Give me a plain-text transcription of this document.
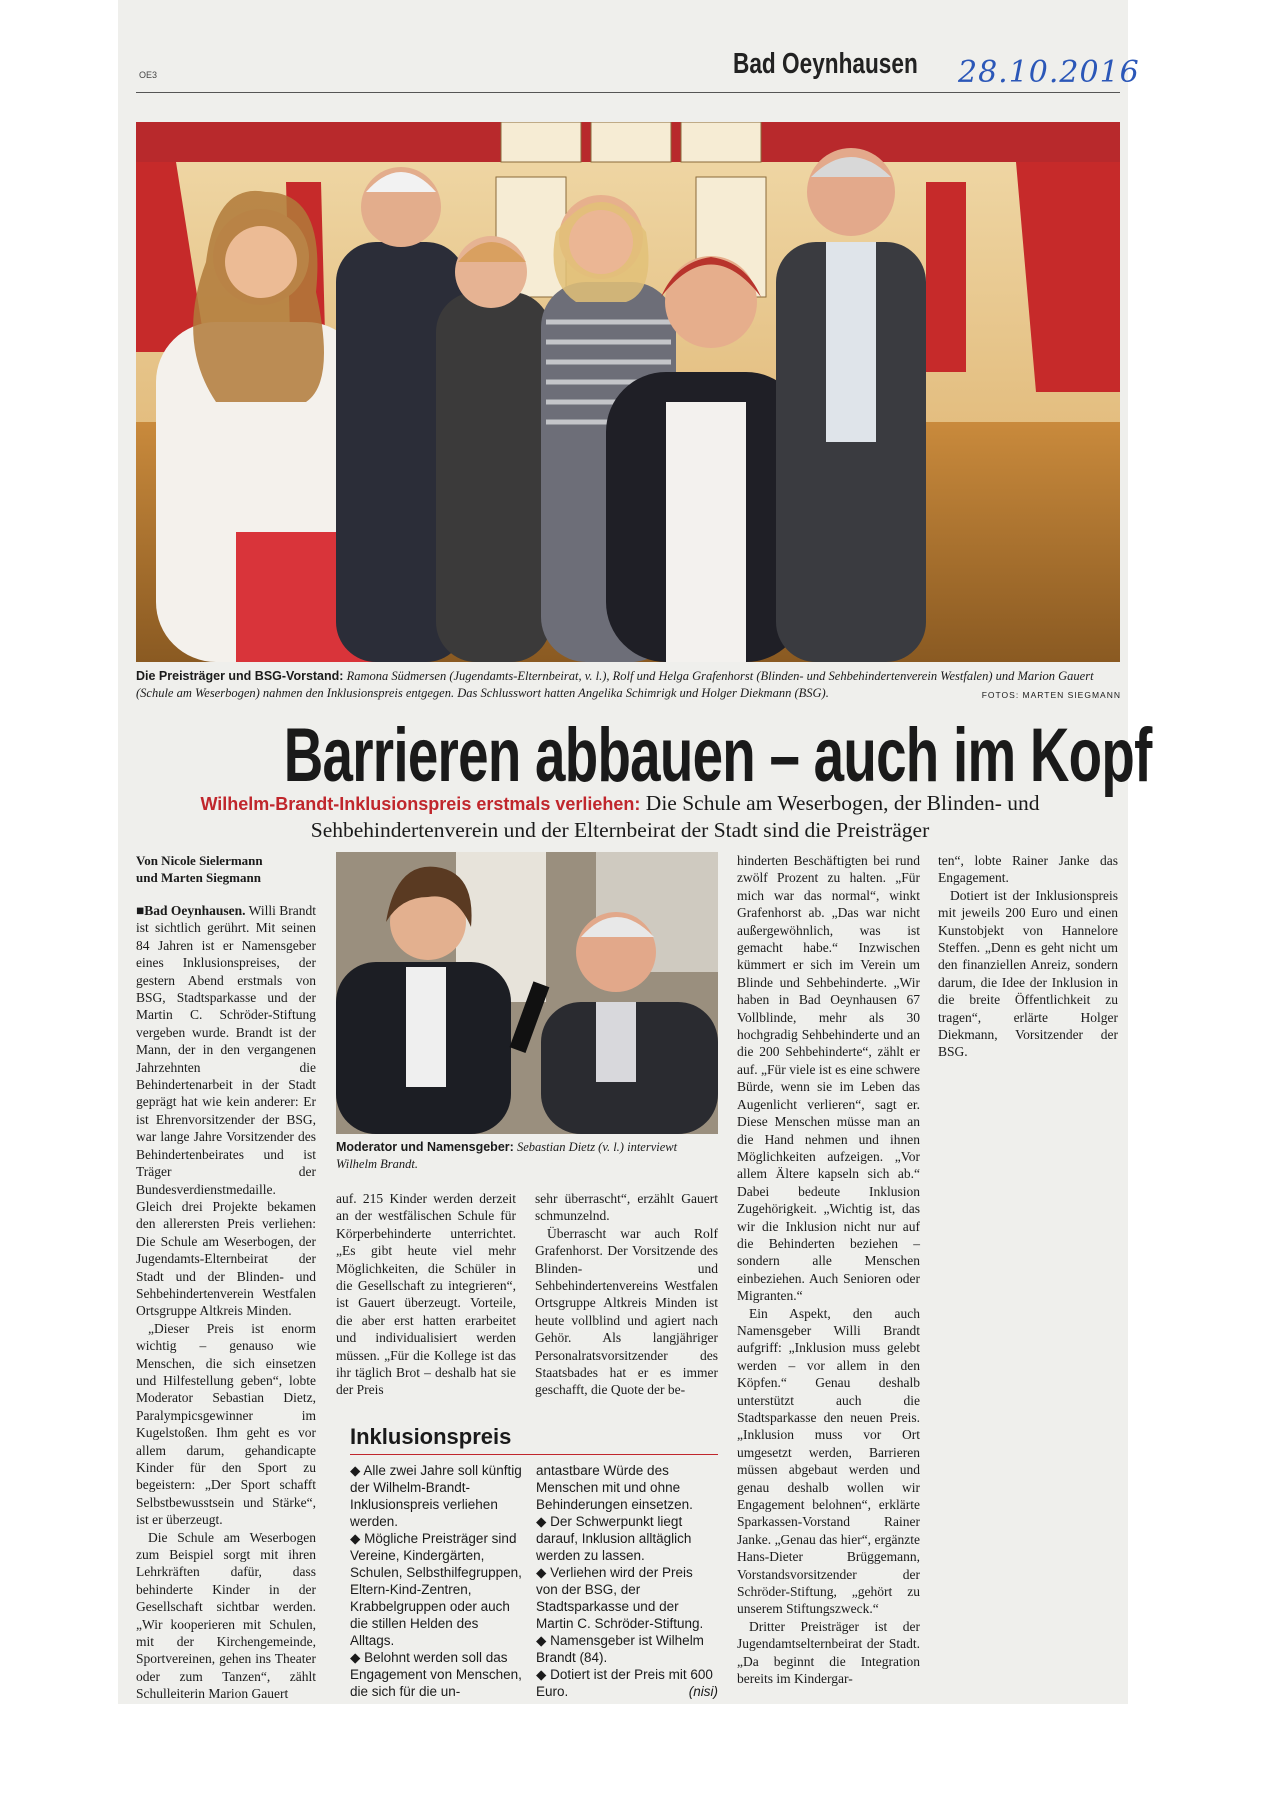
OE3	Bad Oeynhausen 28.10.2016
Die Preisträger und BSG-Vorstand: Ramona Südmersen (Jugendamts-Elternbeirat, v. l.), Rolf und Helga Grafenhorst (Blinden- und Sehbehindertenverein Westfalen) und Marion Gauert (Schule am Weserbogen) nahmen den Inklusionspreis entgegen. Das Schlusswort hatten Angelika Schimrigk und Holger Diekmann (BSG).	FOTOS: MARTEN SIEGMANN
Barrieren abbauen – auch im Kopf
Wilhelm-Brandt-Inklusionspreis erstmals verliehen: Die Schule am Weserbogen, der Blinden- und Sehbehindertenverein und der Elternbeirat der Stadt sind die Preisträger
Von Nicole Sielermann
und Marten Siegmann

■Bad Oeynhausen. Willi Brandt ist sichtlich gerührt. Mit seinen 84 Jahren ist er Namensgeber eines Inklusionspreises, der gestern Abend erstmals von BSG, Stadtsparkasse und der Martin C. Schröder-Stiftung vergeben wurde. Brandt ist der Mann, der in den vergangenen Jahrzehnten die Behindertenarbeit in der Stadt geprägt hat wie kein anderer: Er ist Ehrenvorsitzender der BSG, war lange Jahre Vorsitzender des Behindertenbeirates und ist Träger der Bundesverdienstmedaille.

Gleich drei Projekte bekamen den allerersten Preis verliehen: Die Schule am Weserbogen, der Jugendamts-Elternbeirat der Stadt und der Blinden- und Sehbehindertenverein Westfalen Ortsgruppe Altkreis Minden.

„Dieser Preis ist enorm wichtig – genauso wie Menschen, die sich einsetzen und Hilfestellung geben“, lobte Moderator Sebastian Dietz, Paralympicsgewinner im Kugelstoßen. Ihm geht es vor allem darum, gehandicapte Kinder für den Sport zu begeistern: „Der Sport schafft Selbstbewusstsein und Stärke“, ist er überzeugt.

Die Schule am Weserbogen zum Beispiel sorgt mit ihren Lehrkräften dafür, dass behinderte Kinder in der Gesellschaft sichtbar werden. „Wir kooperieren mit Schulen, mit der Kirchengemeinde, Sportvereinen, gehen ins Theater oder zum Tanzen“, zählt Schulleiterin Marion Gauert

Moderator und Namensgeber: Sebastian Dietz (v. l.) interviewt Wilhelm Brandt.

auf. 215 Kinder werden derzeit an der westfälischen Schule für Körperbehinderte unterrichtet. „Es gibt heute viel mehr Möglichkeiten, die Schüler in die Gesellschaft zu integrieren“, ist Gauert überzeugt. Vorteile, die aber erst hatten erarbeitet und individualisiert werden müssen. „Für die Kollege ist das ihr täglich Brot – deshalb hat sie der Preis

sehr überrascht“, erzählt Gauert schmunzelnd.

Überrascht war auch Rolf Grafenhorst. Der Vorsitzende des Blinden- und Sehbehindertenvereins Westfalen Ortsgruppe Altkreis Minden ist heute vollblind und agiert nach Gehör. Als langjähriger Personalratsvorsitzender des Staatsbades hat er es immer geschafft, die Quote der be-

Inklusionspreis

◆ Alle zwei Jahre soll künftig der Wilhelm-Brandt-Inklusionspreis verliehen werden.

◆ Mögliche Preisträger sind Vereine, Kindergärten, Schulen, Selbsthilfegruppen, Eltern-Kind-Zentren, Krabbelgruppen oder auch die stillen Helden des Alltags.

◆ Belohnt werden soll das Engagement von Menschen, die sich für die un-

antastbare Würde des Menschen mit und ohne Behinderungen einsetzen.

◆ Der Schwerpunkt liegt darauf, Inklusion alltäglich werden zu lassen.

◆ Verliehen wird der Preis von der BSG, der Stadtsparkasse und der Martin C. Schröder-Stiftung.

◆ Namensgeber ist Wilhelm Brandt (84).

◆ Dotiert ist der Preis mit 600 Euro.	(nisi)

hinderten Beschäftigten bei rund zwölf Prozent zu halten. „Für mich war das normal“, winkt Grafenhorst ab. „Das war nicht außergewöhnlich, was ist gemacht habe.“ Inzwischen kümmert er sich im Verein um Blinde und Sehbehinderte. „Wir haben in Bad Oeynhausen 67 Vollblinde, mehr als 30 hochgradig Sehbehinderte und an die 200 Sehbehinderte“, zählt er auf. „Für viele ist es eine schwere Bürde, wenn sie im Leben das Augenlicht verlieren“, sagt er. Diese Menschen müsse man an die Hand nehmen und ihnen Möglichkeiten aufzeigen. „Vor allem Ältere kapseln sich ab.“ Dabei bedeute Inklusion Zugehörigkeit. „Wichtig ist, das wir die Inklusion nicht nur auf die Behinderten beziehen – sondern alle Menschen einbeziehen. Auch Senioren oder Migranten.“

Ein Aspekt, den auch Namensgeber Willi Brandt aufgriff: „Inklusion muss gelebt werden – vor allem in den Köpfen.“ Genau deshalb unterstützt auch die Stadtsparkasse den neuen Preis. „Inklusion muss vor Ort umgesetzt werden, Barrieren müssen abgebaut werden und genau deshalb wollen wir Engagement belohnen“, erklärte Sparkassen-Vorstand Rainer Janke. „Genau das hier“, ergänzte Hans-Dieter Brüggemann, Vorstandsvorsitzender der Schröder-Stiftung, „gehört zu unserem Stiftungszweck.“

Dritter Preisträger ist der Jugendamtselternbeirat der Stadt. „Da beginnt die Integration bereits im Kindergar-

ten“, lobte Rainer Janke das Engagement.

Dotiert ist der Inklusionspreis mit jeweils 200 Euro und einen Kunstobjekt von Hannelore Steffen. „Denn es geht nicht um den finanziellen Anreiz, sondern darum, die Idee der Inklusion in die breite Öffentlichkeit zu tragen“, erlärte Holger Diekmann, Vorsitzender der BSG.
